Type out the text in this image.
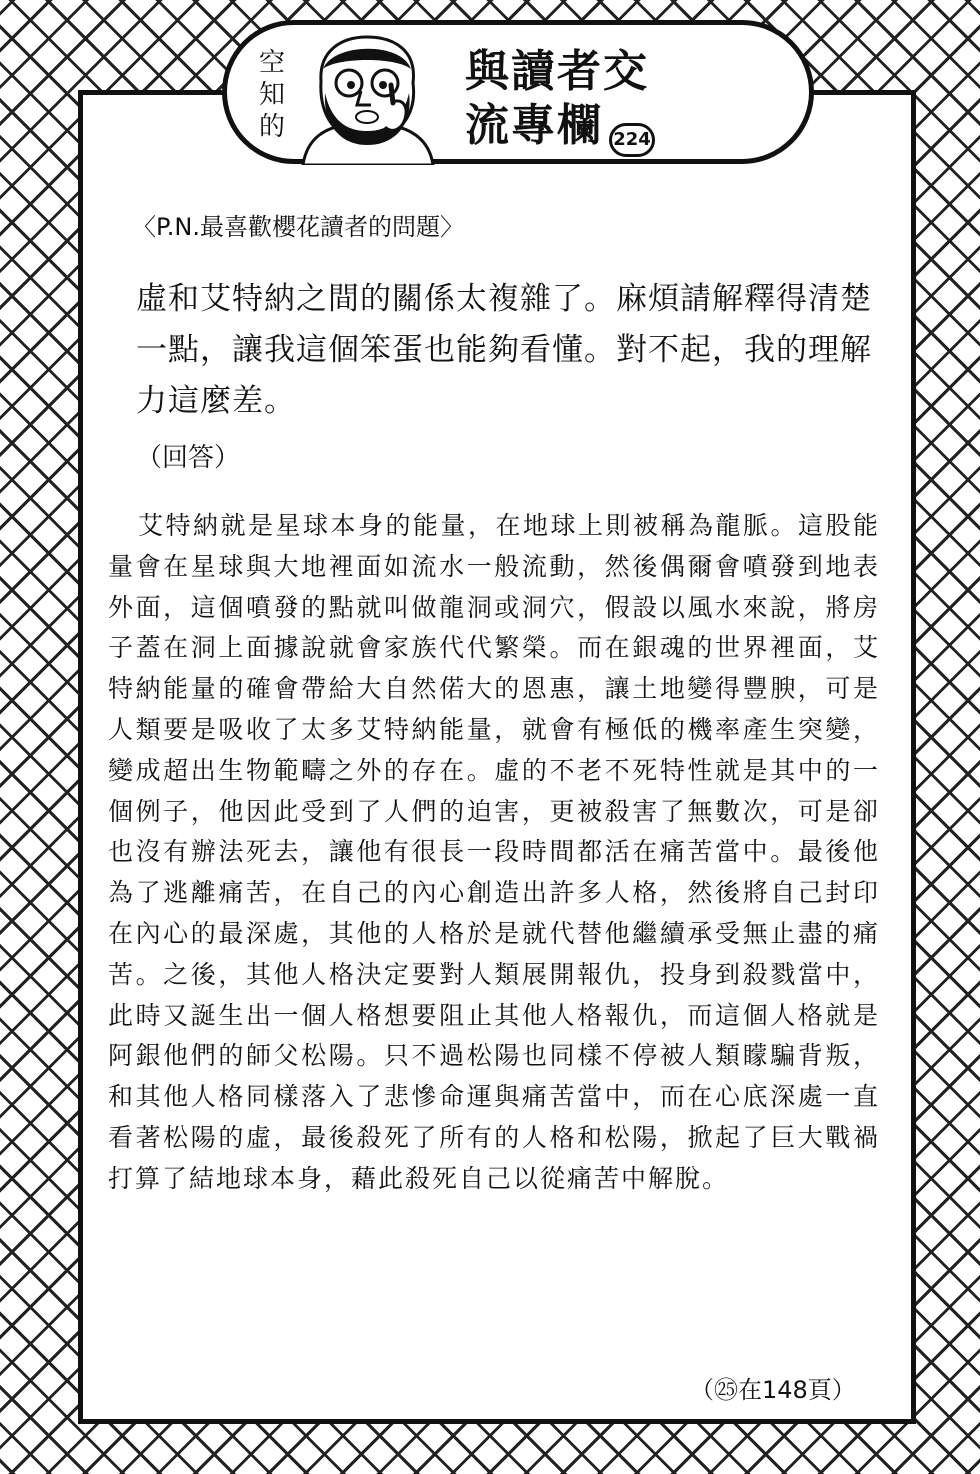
空知的
與讀者交
流專欄 224
〈P.N.最喜歡櫻花讀者的問題〉
虛和艾特納之間的關係太複雜了。麻煩請解釋得清楚一點，讓我這個笨蛋也能夠看懂。對不起，我的理解力這麼差。
（回答）
艾特納就是星球本身的能量，在地球上則被稱為龍脈。這股能量會在星球與大地裡面如流水一般流動，然後偶爾會噴發到地表外面，這個噴發的點就叫做龍洞或洞穴，假設以風水來說，將房子蓋在洞上面據說就會家族代代繁榮。而在銀魂的世界裡面，艾特納能量的確會帶給大自然偌大的恩惠，讓土地變得豐腴，可是人類要是吸收了太多艾特納能量，就會有極低的機率產生突變，變成超出生物範疇之外的存在。虛的不老不死特性就是其中的一個例子，他因此受到了人們的迫害，更被殺害了無數次，可是卻也沒有辦法死去，讓他有很長一段時間都活在痛苦當中。最後他為了逃離痛苦，在自己的內心創造出許多人格，然後將自己封印在內心的最深處，其他的人格於是就代替他繼續承受無止盡的痛苦。之後，其他人格決定要對人類展開報仇，投身到殺戮當中，此時又誕生出一個人格想要阻止其他人格報仇，而這個人格就是阿銀他們的師父松陽。只不過松陽也同樣不停被人類矇騙背叛，和其他人格同樣落入了悲慘命運與痛苦當中，而在心底深處一直看著松陽的虛，最後殺死了所有的人格和松陽，掀起了巨大戰禍打算了結地球本身，藉此殺死自己以從痛苦中解脫。
（㉕在148頁）
